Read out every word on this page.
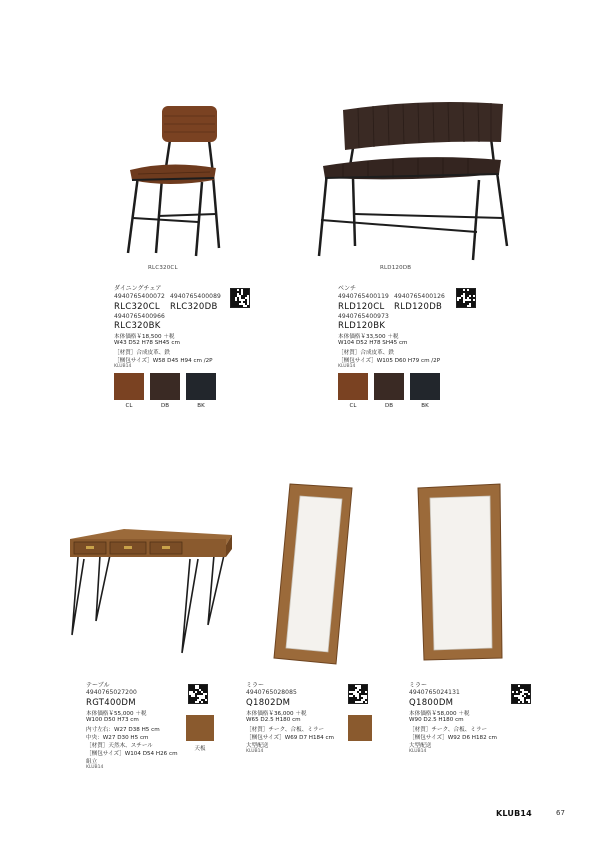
RLC320CL	RLD120DB
ダイニングチェア
4940765400072 4940765400089
RLC320CL RLC320DB
4940765400966
RLC320BK
本体価格￥18,500 ＋税
W43 D52 H78 SH45 cm
［材質］合成皮革、鉄
［梱包サイズ］W58 D45 H94 cm /2P
KLUB14
CL	DB	BK
ベンチ
4940765400119 4940765400126
RLD120CL RLD120DB
4940765400973
RLD120BK
本体価格￥33,500 ＋税
W104 D52 H78 SH45 cm
［材質］合成皮革、鉄
［梱包サイズ］W105 D60 H79 cm /2P
KLUB14
CL	DB	BK
テーブル
4940765027200
RGT400DM
本体価格￥55,000 ＋税
W100 D50 H73 cm
内寸左右：W27 D38 H5 cm
中央：W27 D30 H5 cm
［材質］天然木、スチール
［梱包サイズ］W104 D54 H26 cm
組立
KLUB14
天板
ミラー
4940765028085
Q1802DM
本体価格￥36,000 ＋税
W65 D2.5 H180 cm
［材質］チーク、合板、ミラー
［梱包サイズ］W69 D7 H184 cm
大型配送
KLUB14
ミラー
4940765024131
Q1800DM
本体価格￥58,000 ＋税
W90 D2.5 H180 cm
［材質］チーク、合板、ミラー
［梱包サイズ］W92 D6 H182 cm
大型配送
KLUB14
KLUB14	67
